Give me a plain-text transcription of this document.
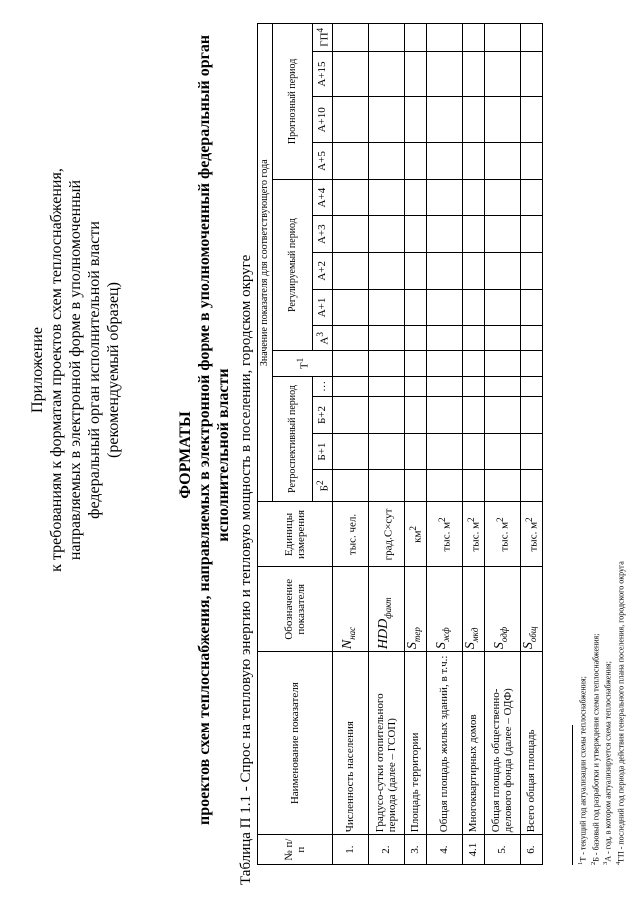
Приложение к требованиям к форматам проектов схем теплоснабжения, направляемых в электронной форме в уполномоченный федеральный орган исполнительной власти (рекомендуемый образец)	ФОРМАТЫ проектов схем теплоснабжения, направляемых в электронной форме в уполномоченный федеральный орган исполнительной власти Таблица П 1.1 - Спрос на тепловую энергию и тепловую мощность в поселении, городском округе	№ п/п	Наименование показателя	Обозначение показателя	Единицы измерения	Значение показателя для соответствующего года													
				Ретроспективный период				$Т^1$	Регулируемый период					Прогнозный период			
				$Б^2$	Б+1	Б+2	…		$А^3$	А+1	А+2	А+3	А+4	А+5	А+10	А+15	$ГП^4$
1.	Численность населения	$N_{нас}$	тыс. чел.														
2.	Градусо-сутки отопительного периода (далее – ГСОП)	$HDD_{факт}$	град.С×сут														
3.	Площадь территории	$S_{тер}$	$км^2$														
4.	Общая площадь жилых зданий, в т.ч.:	$S_{жф}$	тыс. $м^2$														
4.1	Многоквартирных домов	$S_{мкд}$	тыс. $м^2$														
5.	Общая площадь общественно-делового фонда (далее – ОДФ)	$S_{одф}$	тыс. $м^2$														
6.	Всего общая площадь	$S_{общ}$	тыс. $м^2$														
$^1$Т - текущий год актуализации схемы теплоснабжения;
$^2$Б - базовый год разработки и утверждения схемы теплоснабжения;
$^3$А - год, в котором актуализируется схема теплоснабжения;
$^4$ГП - последний год периода действия генерального плана поселения, городского округа
